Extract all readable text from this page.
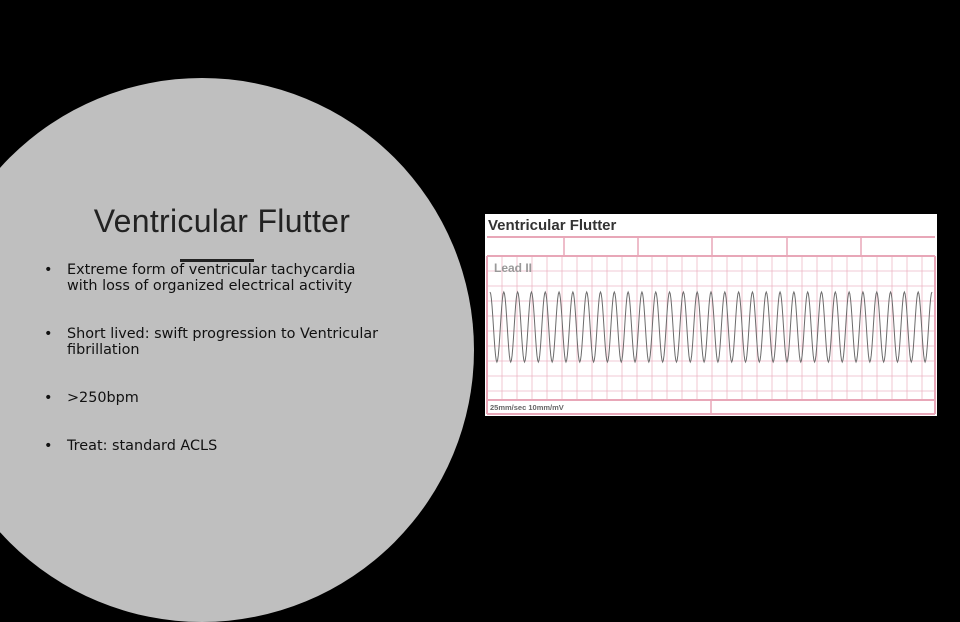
Ventricular Flutter
• Extreme form of ventricular tachycardia with loss of organized electrical activity
• Short lived: swift progression to Ventricular fibrillation
• >250bpm
• Treat: standard ACLS
Ventricular Flutter
Lead II
25mm/sec 10mm/mV
